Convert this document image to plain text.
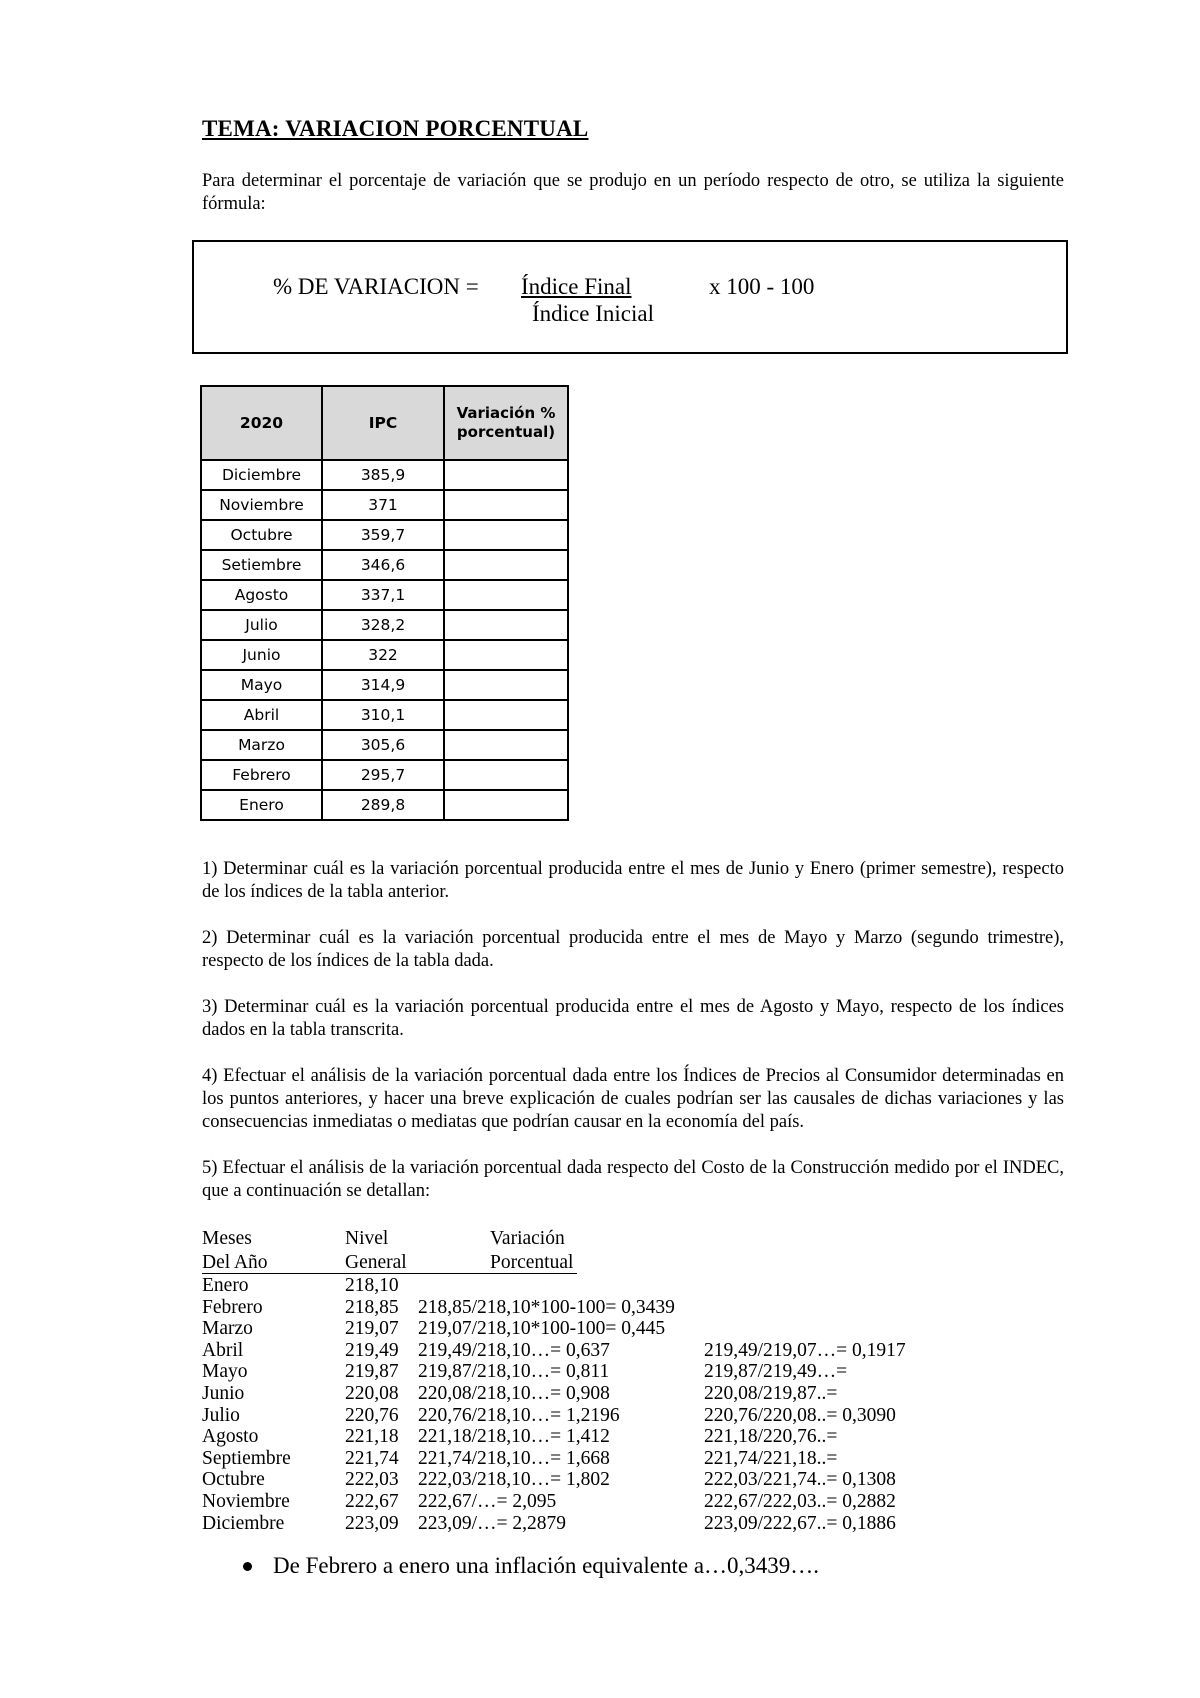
TEMA: VARIACION PORCENTUAL

Para determinar el porcentaje de variación que se produjo en un período respecto de otro, se utiliza la siguiente fórmula:

% DE VARIACION = Índice Final	x 100 - 100
Índice Inicial
2020	IPC	Variación % porcentual)
Diciembre	385,9	
Noviembre	371	
Octubre	359,7	
Setiembre	346,6	
Agosto	337,1	
Julio	328,2	
Junio	322	
Mayo	314,9	
Abril	310,1	
Marzo	305,6	
Febrero	295,7	
Enero	289,8	

1) Determinar cuál es la variación porcentual producida entre el mes de Junio y Enero (primer semestre), respecto de los índices de la tabla anterior.

2) Determinar cuál es la variación porcentual producida entre el mes de Mayo y Marzo (segundo trimestre), respecto de los índices de la tabla dada.

3) Determinar cuál es la variación porcentual producida entre el mes de Agosto y Mayo, respecto de los índices dados en la tabla transcrita.

4) Efectuar el análisis de la variación porcentual dada entre los Índices de Precios al Consumidor determinadas en los puntos anteriores, y hacer una breve explicación de cuales podrían ser las causales de dichas variaciones y las consecuencias inmediatas o mediatas que podrían causar en la economía del país.

5) Efectuar el análisis de la variación porcentual dada respecto del Costo de la Construcción medido por el INDEC, que a continuación se detallan:

Meses	Nivel	Variación
Del Año	General	Porcentual
Enero	218,10
Febrero	218,85 218,85/218,10*100-100= 0,3439
Marzo	219,07 219,07/218,10*100-100= 0,445
Abril	219,49 219,49/218,10…= 0,637	219,49/219,07…= 0,1917
Mayo	219,87 219,87/218,10…= 0,811	219,87/219,49…=
Junio	220,08 220,08/218,10…= 0,908	220,08/219,87..=
Julio	220,76 220,76/218,10…= 1,2196	220,76/220,08..= 0,3090
Agosto	221,18 221,18/218,10…= 1,412	221,18/220,76..=
Septiembre	221,74 221,74/218,10…= 1,668	221,74/221,18..=
Octubre	222,03 222,03/218,10…= 1,802	222,03/221,74..= 0,1308
Noviembre	222,67 222,67/…= 2,095	222,67/222,03..= 0,2882
Diciembre	223,09 223,09/…= 2,2879	223,09/222,67..= 0,1886
De Febrero a enero una inflación equivalente a…0,3439….
